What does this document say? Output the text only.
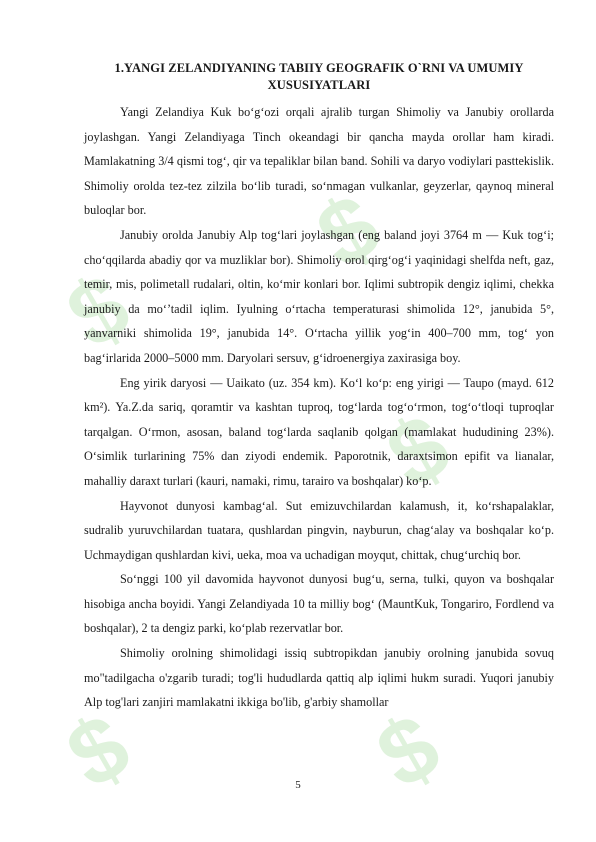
$
$
$
$ $
1.YANGI ZELANDIYANING TABIIY GEOGRAFIK O`RNI VA UMUMIY XUSUSIYATLARI

Yangi Zelandiya Kuk bo‘g‘ozi orqali ajralib turgan Shimoliy va Janubiy orollarda joylashgan. Yangi Zelandiyaga Tinch okeandagi bir qancha mayda orollar ham kiradi. Mamlakatning 3/4 qismi tog‘, qir va tepaliklar bilan band. Sohili va daryo vodiylari pasttekislik. Shimoliy orolda tez-tez zilzila bo‘lib turadi, so‘nmagan vulkanlar, geyzerlar, qaynoq mineral buloqlar bor.

Janubiy orolda Janubiy Alp tog‘lari joylashgan (eng baland joyi 3764 m — Kuk tog‘i; cho‘qqilarda abadiy qor va muzliklar bor). Shimoliy orol qirg‘og‘i yaqinidagi shelfda neft, gaz, temir, mis, polimetall rudalari, oltin, ko‘mir konlari bor. Iqlimi subtropik dengiz iqlimi, chekka janubiy da mo‘’tadil iqlim. Iyulning o‘rtacha temperaturasi shimolida 12°, janubida 5°, yanvarniki shimolida 19°, janubida 14°. O‘rtacha yillik yog‘in 400–700 mm, tog‘ yon bag‘irlarida 2000–5000 mm. Daryolari sersuv, g‘idroenergiya zaxirasiga boy.

Eng yirik daryosi — Uaikato (uz. 354 km). Ko‘l ko‘p: eng yirigi — Taupo (mayd. 612 km²). Ya.Z.da sariq, qoramtir va kashtan tuproq, tog‘larda tog‘o‘rmon, tog‘o‘tloqi tuproqlar tarqalgan. O‘rmon, asosan, baland tog‘larda saqlanib qolgan (mamlakat hududining 23%). O‘simlik turlarining 75% dan ziyodi endemik. Paporotnik, daraxtsimon epifit va lianalar, mahalliy daraxt turlari (kauri, namaki, rimu, tarairo va boshqalar) ko‘p.

Hayvonot dunyosi kambag‘al. Sut emizuvchilardan kalamush, it, ko‘rshapalaklar, sudralib yuruvchilardan tuatara, qushlardan pingvin, nayburun, chag‘alay va boshqalar ko‘p. Uchmaydigan qushlardan kivi, ueka, moa va uchadigan moyqut, chittak, chug‘urchiq bor.

So‘nggi 100 yil davomida hayvonot dunyosi bug‘u, serna, tulki, quyon va boshqalar hisobiga ancha boyidi. Yangi Zelandiyada 10 ta milliy bog‘ (MauntKuk, Tongariro, Fordlend va boshqalar), 2 ta dengiz parki, ko‘plab rezervatlar bor.

Shimoliy orolning shimolidagi issiq subtropikdan janubiy orolning janubida sovuq mo"tadilgacha o'zgarib turadi; tog'li hududlarda qattiq alp iqlimi hukm suradi. Yuqori janubiy Alp tog'lari zanjiri mamlakatni ikkiga bo'lib, g'arbiy shamollar

5
